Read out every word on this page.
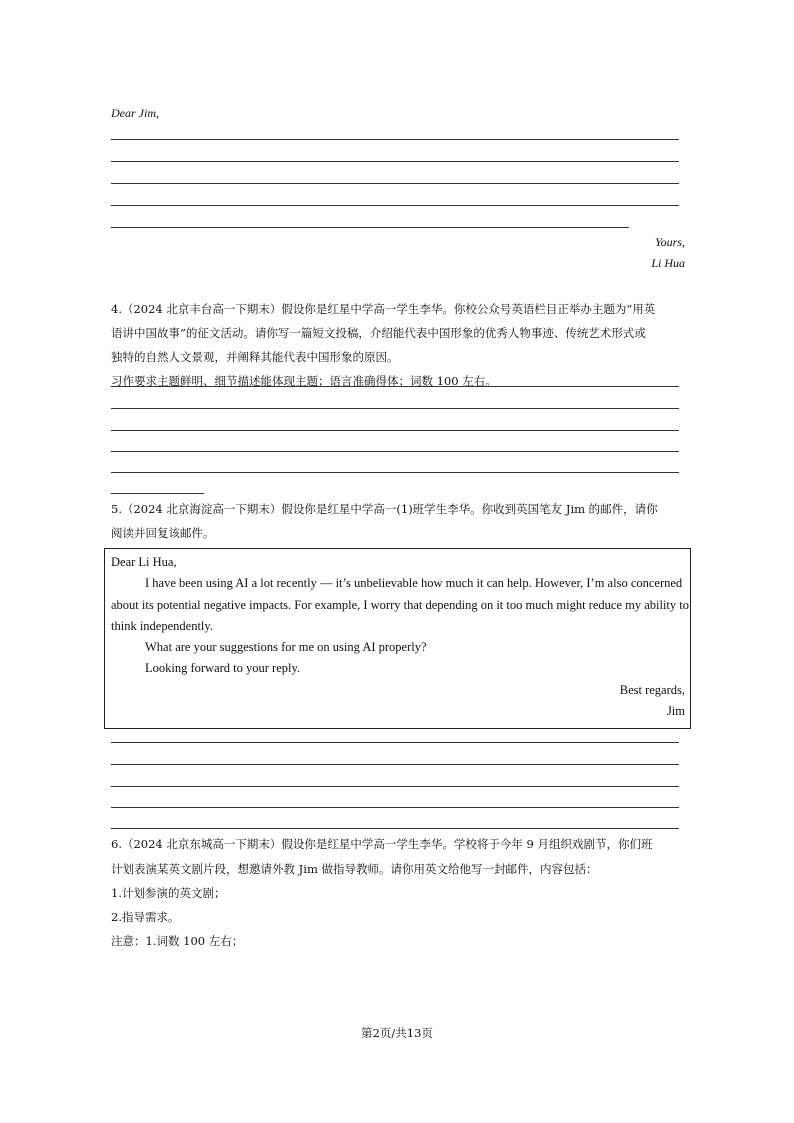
Dear Jim,
Yours,
Li Hua
4.（2024 北京丰台高一下期末）假设你是红星中学高一学生李华。你校公众号英语栏目正举办主题为“用英
语讲中国故事”的征文活动。请你写一篇短文投稿，介绍能代表中国形象的优秀人物事迹、传统艺术形式或
独特的自然人文景观，并阐释其能代表中国形象的原因。
习作要求主题鲜明、细节描述能体现主题；语言准确得体；词数 100 左右。
5.（2024 北京海淀高一下期末）假设你是红星中学高一(1)班学生李华。你收到英国笔友 Jim 的邮件，请你
阅读并回复该邮件。
Dear Li Hua,
I have been using AI a lot recently — it’s unbelievable how much it can help. However, I’m also concerned
about its potential negative impacts. For example, I worry that depending on it too much might reduce my ability to
think independently.
What are your suggestions for me on using AI properly?
Looking forward to your reply.
Best regards,
Jim
6.（2024 北京东城高一下期末）假设你是红星中学高一学生李华。学校将于今年 9 月组织戏剧节，你们班
计划表演某英文剧片段，想邀请外教 Jim 做指导教师。请你用英文给他写一封邮件，内容包括：
1.计划参演的英文剧；
2.指导需求。
注意：1.词数 100 左右；
第2页/共13页
